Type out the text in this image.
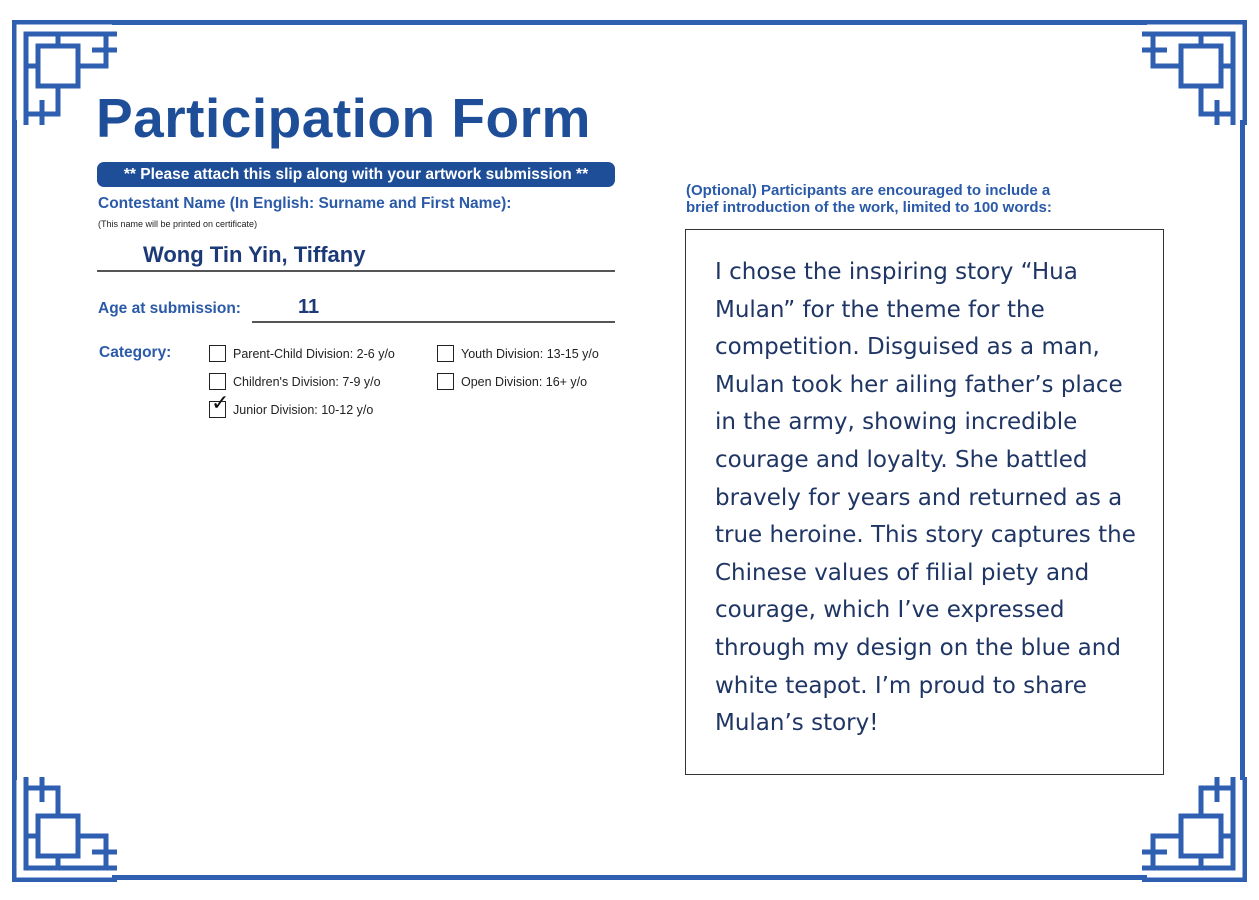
Participation Form
** Please attach this slip along with your artwork submission **
Contestant Name (In English: Surname and First Name):
(This name will be printed on certificate)
Wong Tin Yin, Tiffany
Age at submission:	11
Category:	Parent-Child Division: 2-6 y/o	Youth Division: 13-15 y/o
Children's Division: 7-9 y/o	Open Division: 16+ y/o
✓ Junior Division: 10-12 y/o
(Optional) Participants are encouraged to include a
brief introduction of the work, limited to 100 words:
I chose the inspiring story “Hua Mulan” for the theme for the competition. Disguised as a man, Mulan took her ailing father’s place in the army, showing incredible courage and loyalty. She battled bravely for years and returned as a true heroine. This story captures the Chinese values of filial piety and courage, which I’ve expressed through my design on the blue and white teapot. I’m proud to share Mulan’s story!
